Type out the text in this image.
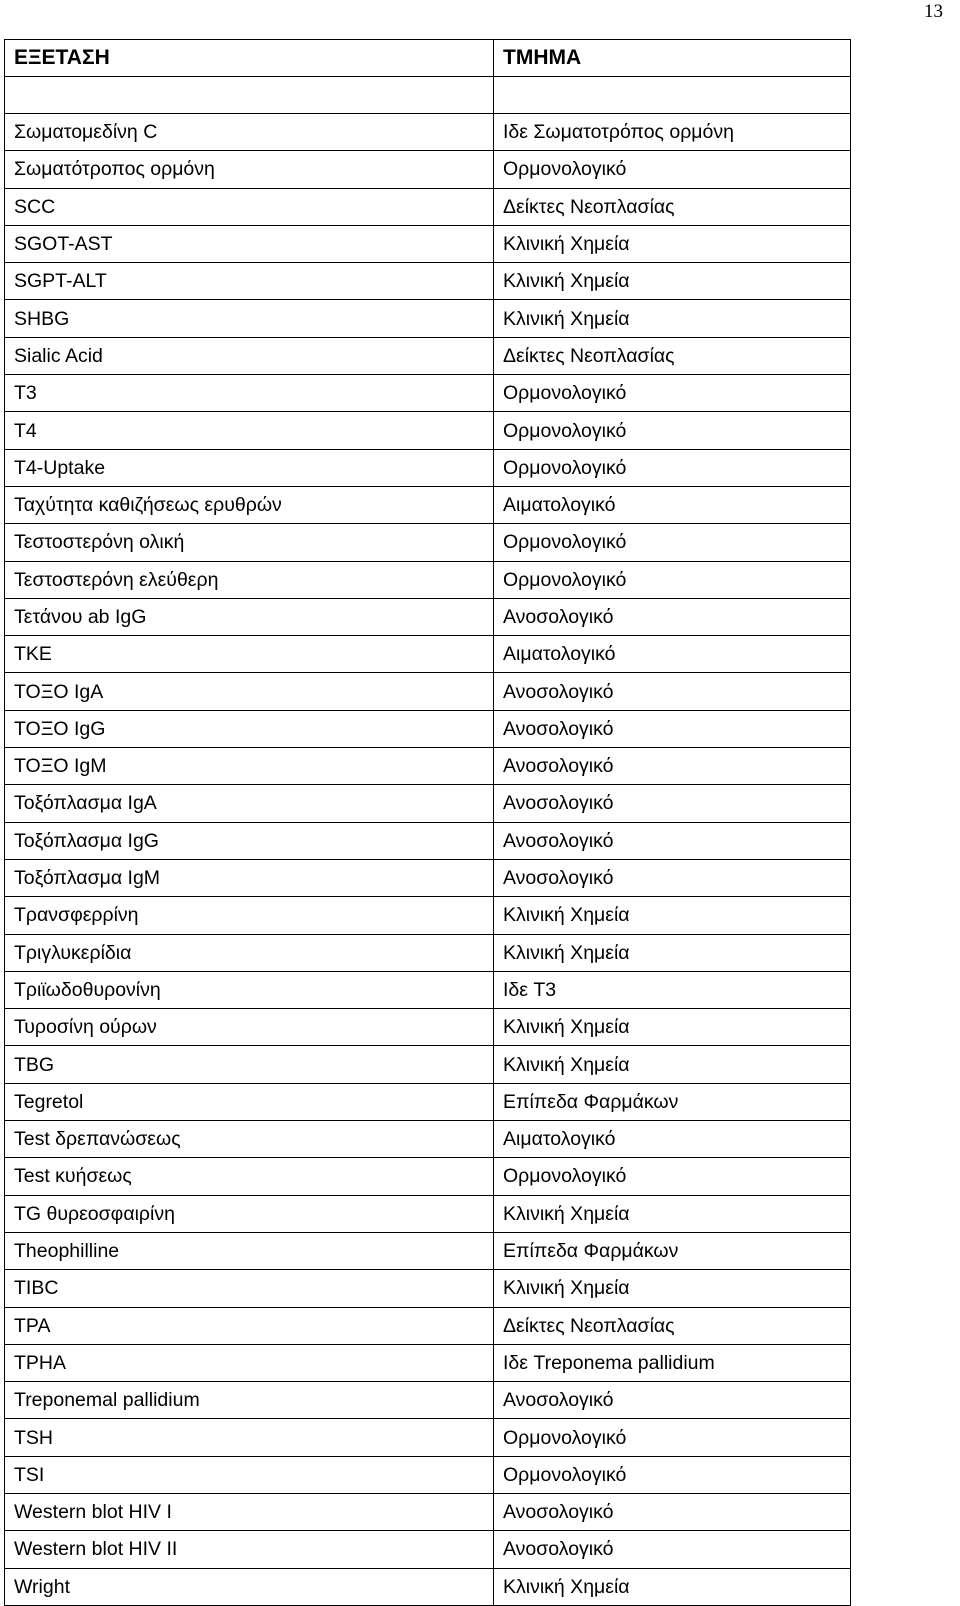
13
ΕΞΕΤΑΣΗ	ΤΜΗΜΑ

Σωματομεδίνη C	Ιδε Σωματοτρόπος ορμόνη
Σωματότροπος ορμόνη	Ορμονολογικό
SCC	Δείκτες Νεοπλασίας
SGOT-AST	Κλινική Χημεία
SGPT-ALT	Κλινική Χημεία
SHBG	Κλινική Χημεία
Sialic Acid	Δείκτες Νεοπλασίας
T3	Ορμονολογικό
T4	Ορμονολογικό
T4-Uptake	Ορμονολογικό
Ταχύτητα καθιζήσεως ερυθρών	Αιματολογικό
Τεστοστερόνη ολική	Ορμονολογικό
Τεστοστερόνη ελεύθερη	Ορμονολογικό
Τετάνου ab IgG	Ανοσολογικό
TKE	Αιματολογικό
ΤΟΞΟ IgA	Ανοσολογικό
ΤΟΞΟ IgG	Ανοσολογικό
ΤΟΞΟ IgM	Ανοσολογικό
Τοξόπλασμα IgA	Ανοσολογικό
Τοξόπλασμα IgG	Ανοσολογικό
Τοξόπλασμα IgM	Ανοσολογικό
Τρανσφερρίνη	Κλινική Χημεία
Τριγλυκερίδια	Κλινική Χημεία
Τριϊωδοθυρονίνη	Ιδε T3
Τυροσίνη ούρων	Κλινική Χημεία
TBG	Κλινική Χημεία
Tegretol	Επίπεδα Φαρμάκων
Test δρεπανώσεως	Αιματολογικό
Test κυήσεως	Ορμονολογικό
TG θυρεοσφαιρίνη	Κλινική Χημεία
Theophilline	Επίπεδα Φαρμάκων
TIBC	Κλινική Χημεία
TPA	Δείκτες Νεοπλασίας
TPHA	Ιδε Treponema pallidium
Treponemal pallidium	Ανοσολογικό
TSH	Ορμονολογικό
TSI	Ορμονολογικό
Western blot HIV I	Ανοσολογικό
Western blot HIV II	Ανοσολογικό
Wright	Κλινική Χημεία
